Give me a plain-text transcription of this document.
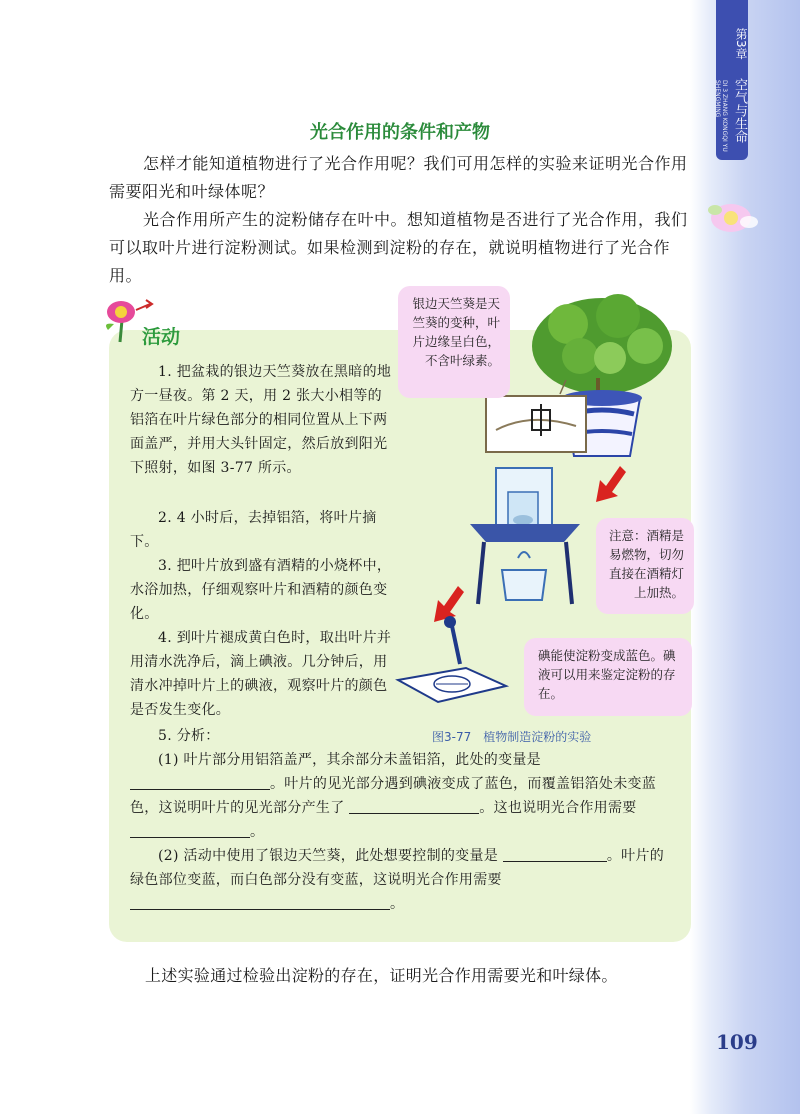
第3章
DI 3 ZHANG KONGQI YU SHENGMING 空气与生命
光合作用的条件和产物
怎样才能知道植物进行了光合作用呢？我们可用怎样的实验来证明光合作用需要阳光和叶绿体呢？
光合作用所产生的淀粉储存在叶中。想知道植物是否进行了光合作用，我们可以取叶片进行淀粉测试。如果检测到淀粉的存在，就说明植物进行了光合作用。
活动
1. 把盆栽的银边天竺葵放在黑暗的地方一昼夜。第 2 天，用 2 张大小相等的铝箔在叶片绿色部分的相同位置从上下两面盖严，并用大头针固定，然后放到阳光下照射，如图 3-77 所示。
2. 4 小时后，去掉铝箔，将叶片摘下。
3. 把叶片放到盛有酒精的小烧杯中，水浴加热，仔细观察叶片和酒精的颜色变化。
4. 到叶片褪成黄白色时，取出叶片并用清水洗净后，滴上碘液。几分钟后，用清水冲掉叶片上的碘液，观察叶片的颜色是否发生变化。
5. 分析：
(1) 叶片部分用铝箔盖严，其余部分未盖铝箔，此处的变量是 。叶片的见光部分遇到碘液变成了蓝色，而覆盖铝箔处未变蓝色，这说明叶片的见光部分产生了	。这也说明光合作用需要 。
(2) 活动中使用了银边天竺葵，此处想要控制的变量是	。叶片的绿色部位变蓝，而白色部分没有变蓝，这说明光合作用需要 。
银边天竺葵是天竺葵的变种，叶片边缘呈白色，不含叶绿素。
注意：酒精是易燃物，切勿直接在酒精灯上加热。
碘能使淀粉变成蓝色。碘液可以用来鉴定淀粉的存在。
图3-77　植物制造淀粉的实验
上述实验通过检验出淀粉的存在，证明光合作用需要光和叶绿体。
109
